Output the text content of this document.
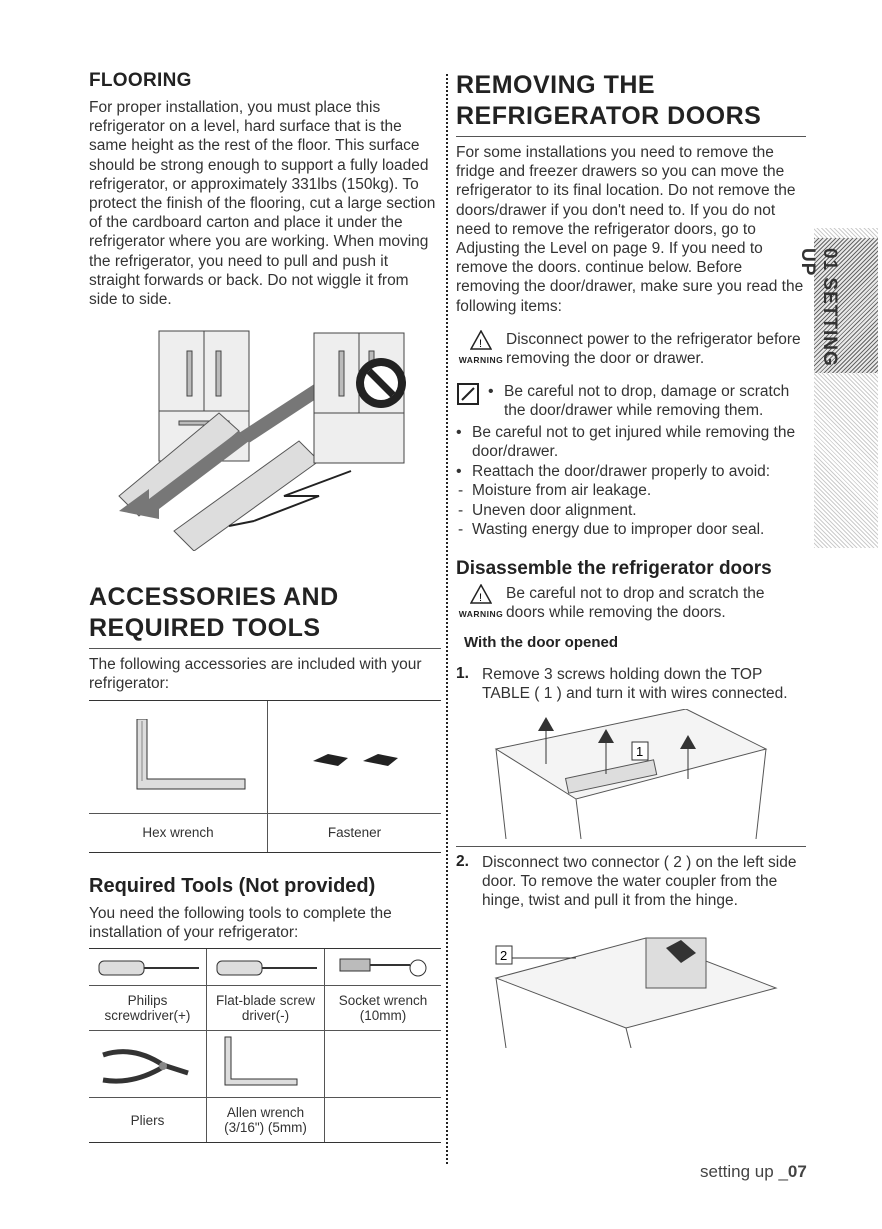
FLOORING

For proper installation, you must place this refrigerator on a level, hard surface that is the same height as the rest of the floor. This surface should be strong enough to support a fully loaded refrigerator, or approximately 331lbs (150kg). To protect the finish of the flooring, cut a large section of the cardboard carton and place it under the refrigerator where you are working. When moving the refrigerator, you need to pull and push it straight forwards or back. Do not wiggle it from side to side.

ACCESSORIES AND
REQUIRED TOOLS

The following accessories are included with your refrigerator:

Hex wrench	Fastener
Required Tools (Not provided)

You need the following tools to complete the installation of your refrigerator:

Philips
screwdriver(+)
Flat-blade screw
driver(-)
Socket wrench
(10mm)
Pliers	Allen wrench
(3/16") (5mm)
REMOVING THE
REFRIGERATOR DOORS

For some installations you need to remove the fridge and freezer drawers so you can move the refrigerator to its final location. Do not remove the doors/drawer if you don't need to. If you do not need to remove the refrigerator doors, go to Adjusting the Level on page 9. If you need to remove the doors. continue below. Before removing the door/drawer, make sure you read the following items:

!
WARNING
Disconnect power to the refrigerator before removing the door or drawer.
• Be careful not to drop, damage or scratch the door/drawer while removing them.
• Be careful not to get injured while removing the door/drawer.
• Reattach the door/drawer properly to avoid:
- Moisture from air leakage.
- Uneven door alignment.
- Wasting energy due to improper door seal.
Disassemble the refrigerator doors
!
WARNING
Be careful not to drop and scratch the doors while removing the doors.
With the door opened
1. Remove 3 screws holding down the TOP TABLE ( 1 ) and turn it with wires connected.
1
2. Disconnect two connector ( 2 ) on the left side door. To remove the water coupler from the hinge, twist and pull it from the hinge.
2
01 SETTING UP
setting up _07
